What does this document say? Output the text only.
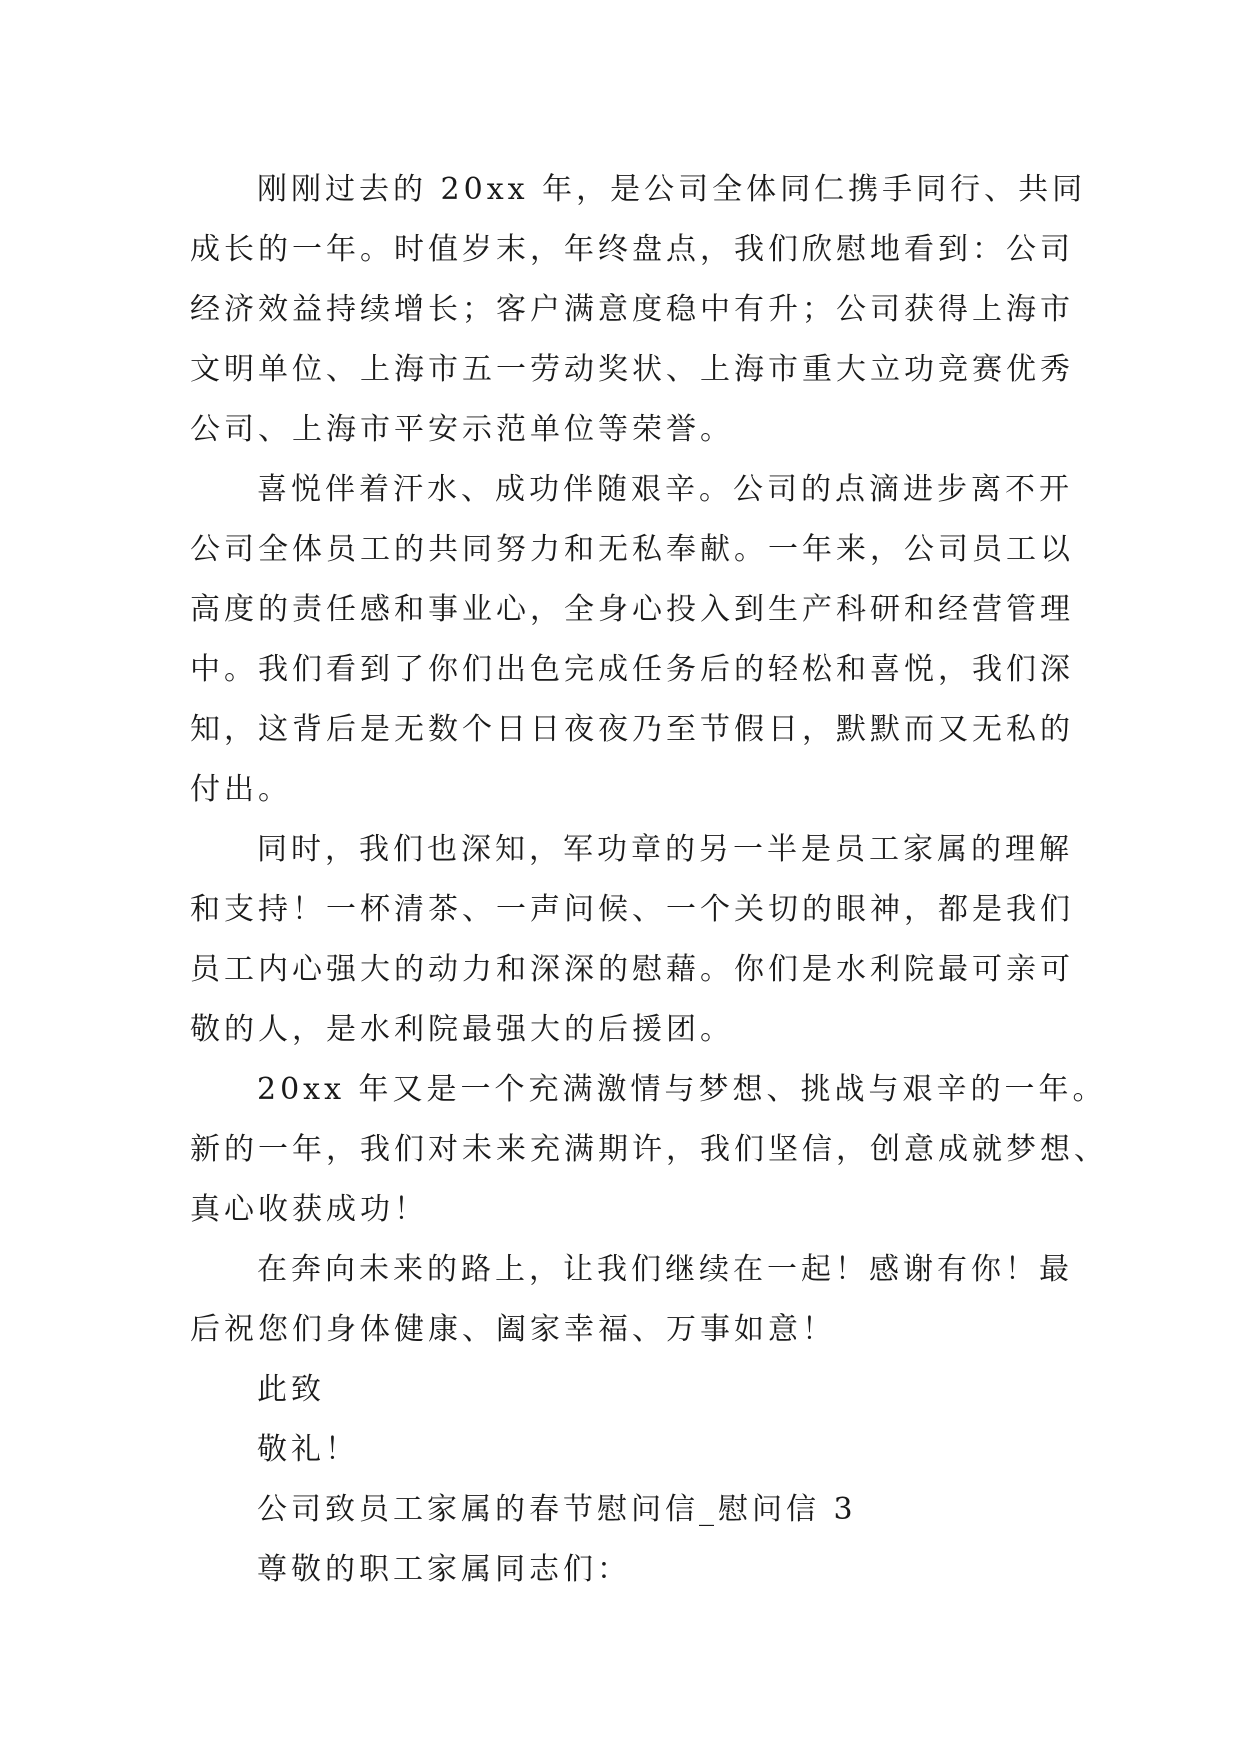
刚刚过去的 20xx 年，是公司全体同仁携手同行、共同
成长的一年。时值岁末，年终盘点，我们欣慰地看到：公司
经济效益持续增长；客户满意度稳中有升；公司获得上海市
文明单位、上海市五一劳动奖状、上海市重大立功竞赛优秀
公司、上海市平安示范单位等荣誉。
喜悦伴着汗水、成功伴随艰辛。公司的点滴进步离不开
公司全体员工的共同努力和无私奉献。一年来，公司员工以
高度的责任感和事业心，全身心投入到生产科研和经营管理
中。我们看到了你们出色完成任务后的轻松和喜悦，我们深
知，这背后是无数个日日夜夜乃至节假日，默默而又无私的
付出。
同时，我们也深知，军功章的另一半是员工家属的理解
和支持！一杯清茶、一声问候、一个关切的眼神，都是我们
员工内心强大的动力和深深的慰藉。你们是水利院最可亲可
敬的人，是水利院最强大的后援团。
20xx 年又是一个充满激情与梦想、挑战与艰辛的一年。
新的一年，我们对未来充满期许，我们坚信，创意成就梦想、
真心收获成功！
在奔向未来的路上，让我们继续在一起！感谢有你！最
后祝您们身体健康、阖家幸福、万事如意！
此致
敬礼！
公司致员工家属的春节慰问信_慰问信 3
尊敬的职工家属同志们：
